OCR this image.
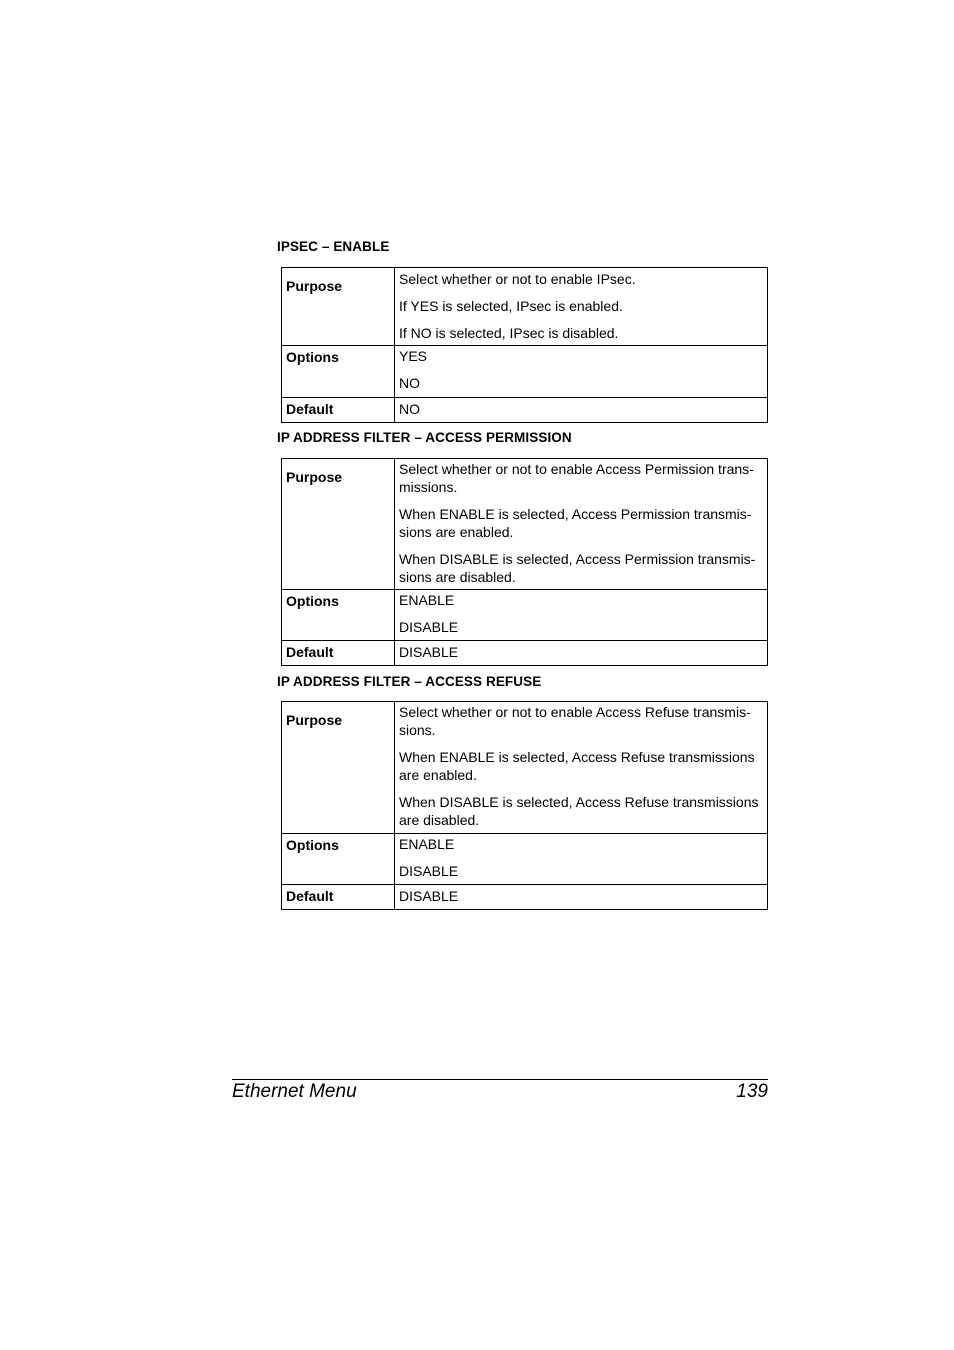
IPSEC – ENABLE
Purpose	Select whether or not to enable IPsec.

If YES is selected, IPsec is enabled.

If NO is selected, IPsec is disabled.

Options	YES

NO

Default	NO

IP ADDRESS FILTER – ACCESS PERMISSION
Purpose	Select whether or not to enable Access Permission trans-missions.

When ENABLE is selected, Access Permission transmis-sions are enabled.

When DISABLE is selected, Access Permission transmis-sions are disabled.

Options	ENABLE

DISABLE

Default	DISABLE

IP ADDRESS FILTER – ACCESS REFUSE
Purpose	Select whether or not to enable Access Refuse transmis-sions.

When ENABLE is selected, Access Refuse transmissions are enabled.

When DISABLE is selected, Access Refuse transmissions are disabled.

Options	ENABLE

DISABLE

Default	DISABLE

Ethernet Menu	139
